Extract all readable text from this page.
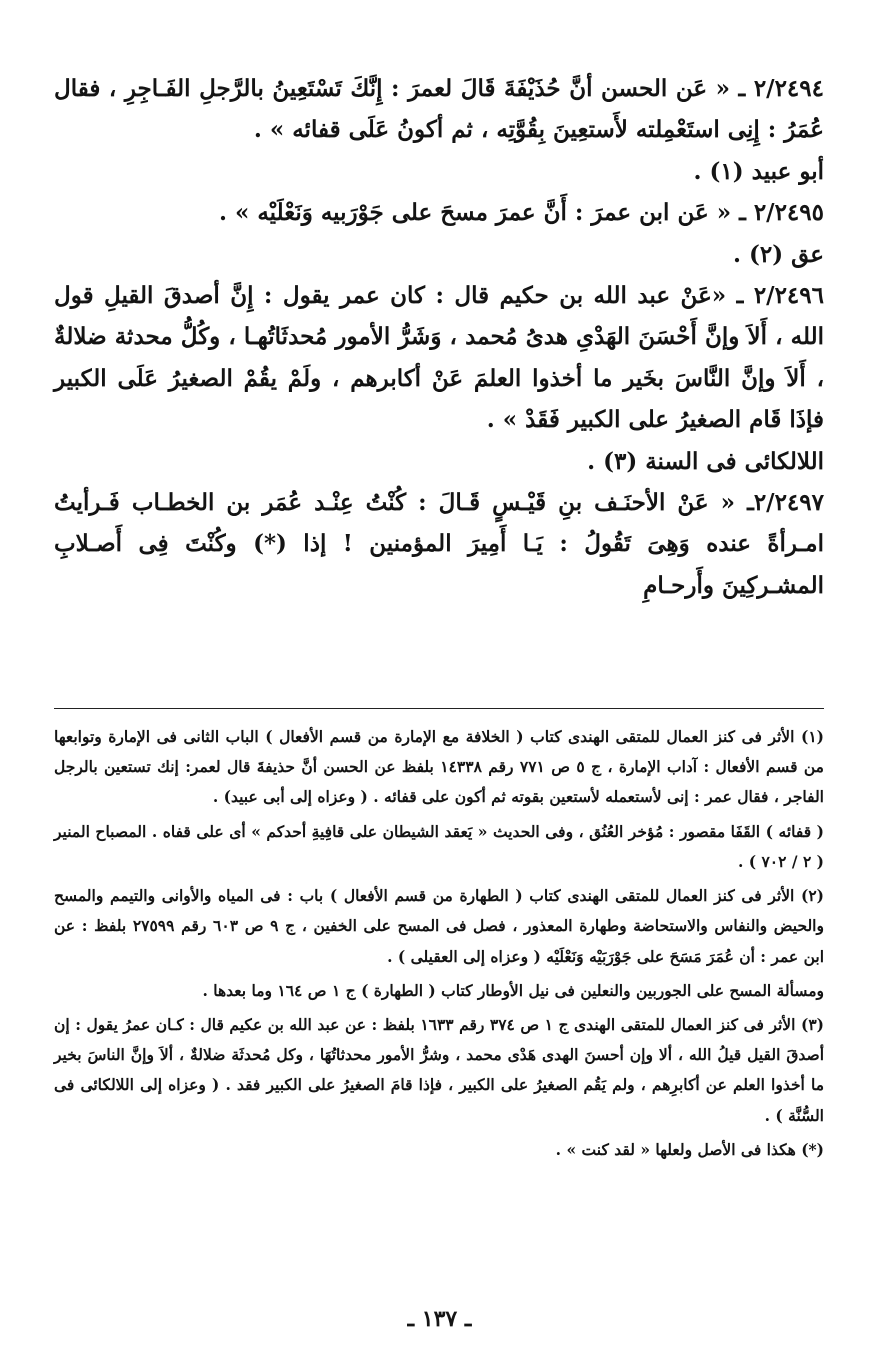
٢/٢٤٩٤ ـ « عَن الحسن أنَّ حُذَيْفَةَ قَالَ لعمرَ : إِنَّكَ تَسْتَعِينُ بالرَّجلِ الفَـاجِرِ ، فقال عُمَرُ : إِنِى استَعْمِلته لأَستعِينَ بِقُوَّتِه ، ثم أكونُ عَلَى قفائه » .

أبو عبيد (١) .

٢/٢٤٩٥ ـ « عَن ابن عمرَ : أَنَّ عمرَ مسحَ على جَوْرَبيه وَنَعْلَيْه » .

عق (٢) .

٢/٢٤٩٦ ـ «عَنْ عبد الله بن حكيم قال : كان عمر يقول : إِنَّ أصدقَ القيلِ قول الله ، أَلاَ وإنَّ أَحْسَنَ الهَدْىِ هدىُ مُحمد ، وَشَرُّ الأمور مُحدثَاتُهـا ، وكُلُّ محدثة ضلالةٌ ، أَلاَ وإنَّ النَّاسَ بخَير ما أخذوا العلمَ عَنْ أكابرهم ، ولَمْ يقُمْ الصغيرُ عَلَى الكبير فإذَا قَام الصغيرُ على الكبير فَقَدْ » .

اللالكائى فى السنة (٣) .

٢/٢٤٩٧ـ « عَنْ الأحنَـف بنِ قَيْـسٍ قَـالَ : كُنْتُ عِنْـد عُمَر بن الخطـاب فَـرأيتُ امـرأةً عنده وَهِىَ تَقُولُ : يَـا أَمِيرَ المؤمنين ! إذا (*) وكُنْتَ فِى أَصـلابِ المشـركِينَ وأَرحـامِ

(١) الأثر فى كنز العمال للمتقى الهندى كتاب ( الخلافة مع الإمارة من قسم الأفعال ) الباب الثانى فى الإمارة وتوابعها من قسم الأفعال : آداب الإمارة ، ج ٥ ص ٧٧١ رقم ١٤٣٣٨ بلفظ عن الحسن أنَّ حذيفةَ قال لعمر: إنك تستعين بالرجل الفاجر ، فقال عمر : إنى لأستعمله لأستعين بقوته ثم أكون على قفائه . ( وعزاه إلى أبى عبيد) .

( قفائه ) القَفَا مقصور : مُؤخر العُنُق ، وفى الحديث « يَعقد الشيطان على قافِيةِ أحدكم » أى على قفاه . المصباح المنير ( ٢ / ٧٠٢ ) .

(٢) الأثر فى كنز العمال للمتقى الهندى كتاب ( الطهارة من قسم الأفعال ) باب : فى المياه والأوانى والتيمم والمسح والحيض والنفاس والاستحاضة وطهارة المعذور ، فصل فى المسح على الخفين ، ج ٩ ص ٦٠٣ رقم ٢٧٥٩٩ بلفظ : عن ابن عمر : أن عُمَرَ مَسَحَ على جَوْرَبَيْه وَنَعْلَيْه ( وعزاه إلى العقيلى ) .

ومسألة المسح على الجوربين والنعلين فى نيل الأوطار كتاب ( الطهارة ) ج ١ ص ١٦٤ وما بعدها .

(٣) الأثر فى كنز العمال للمتقى الهندى ج ١ ص ٣٧٤ رقم ١٦٣٣ بلفظ : عن عبد الله بن عكيم قال : كـان عمرُ يقول : إن أصدقَ القيل قيلُ الله ، ألا وإن أحسنَ الهدى هَدْى محمد ، وشرُّ الأمور محدثاتُهَا ، وكل مُحدثَة ضلالةٌ ، ألاَ وإنَّ الناسَ بخير ما أخذوا العلم عن أكابرِهم ، ولم يَقُم الصغيرُ على الكبير ، فإذا قامَ الصغيرُ على الكبير فقد . ( وعزاه إلى اللالكائى فى السُّنَّة ) .

(*) هكذا فى الأصل ولعلها « لقد كنت » .

ـ ١٣٧ ـ
